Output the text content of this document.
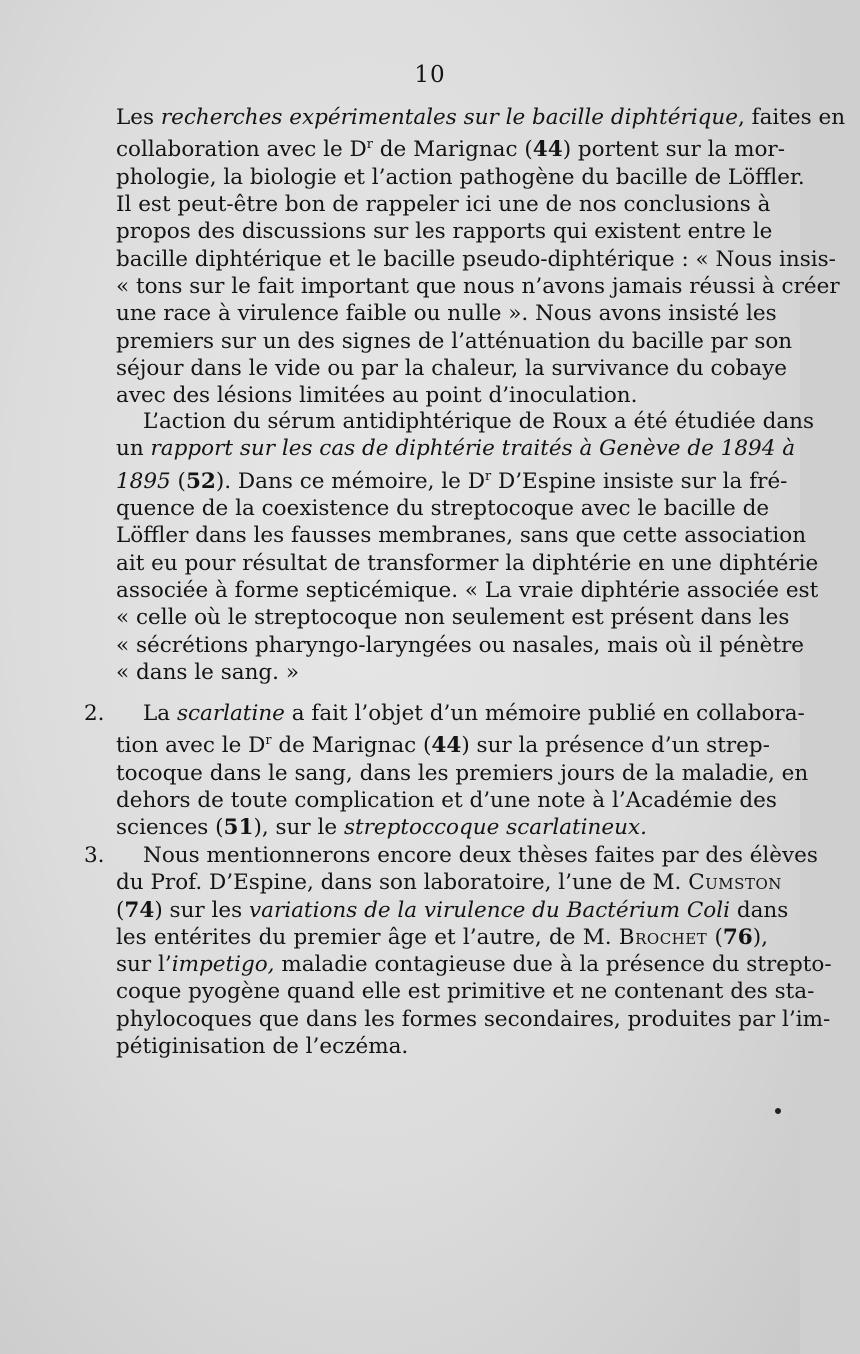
10
Les recherches expérimentales sur le bacille diphtérique, faites en
collaboration avec le $D^r$ de Marignac (44) portent sur la mor-
phologie, la biologie et l’action pathogène du bacille de Löffler.
Il est peut-être bon de rappeler ici une de nos conclusions à
propos des discussions sur les rapports qui existent entre le
bacille diphtérique et le bacille pseudo-diphtérique : « Nous insis-
« tons sur le fait important que nous n’avons jamais réussi à créer
une race à virulence faible ou nulle ». Nous avons insisté les
premiers sur un des signes de l’atténuation du bacille par son
séjour dans le vide ou par la chaleur, la survivance du cobaye
avec des lésions limitées au point d’inoculation.
L’action du sérum antidiphtérique de Roux a été étudiée dans
un rapport sur les cas de diphtérie traités à Genève de 1894 à
1895 (52). Dans ce mémoire, le $D^r$ D’Espine insiste sur la fré-
quence de la coexistence du streptocoque avec le bacille de
Löffler dans les fausses membranes, sans que cette association
ait eu pour résultat de transformer la diphtérie en une diphtérie
associée à forme septicémique. « La vraie diphtérie associée est
« celle où le streptocoque non seulement est présent dans les
« sécrétions pharyngo-laryngées ou nasales, mais où il pénètre
« dans le sang. »
2.	La scarlatine a fait l’objet d’un mémoire publié en collabora-
tion avec le $D^r$ de Marignac (44) sur la présence d’un strep-
tocoque dans le sang, dans les premiers jours de la maladie, en
dehors de toute complication et d’une note à l’Académie des
sciences (51), sur le streptoccoque scarlatineux.
3.	Nous mentionnerons encore deux thèses faites par des élèves
du Prof. D’Espine, dans son laboratoire, l’une de M. Cumston
(74) sur les variations de la virulence du Bactérium Coli dans
les entérites du premier âge et l’autre, de M. Brochet (76),
sur l’impetigo, maladie contagieuse due à la présence du strepto-
coque pyogène quand elle est primitive et ne contenant des sta-
phylocoques que dans les formes secondaires, produites par l’im-
pétiginisation de l’eczéma.
